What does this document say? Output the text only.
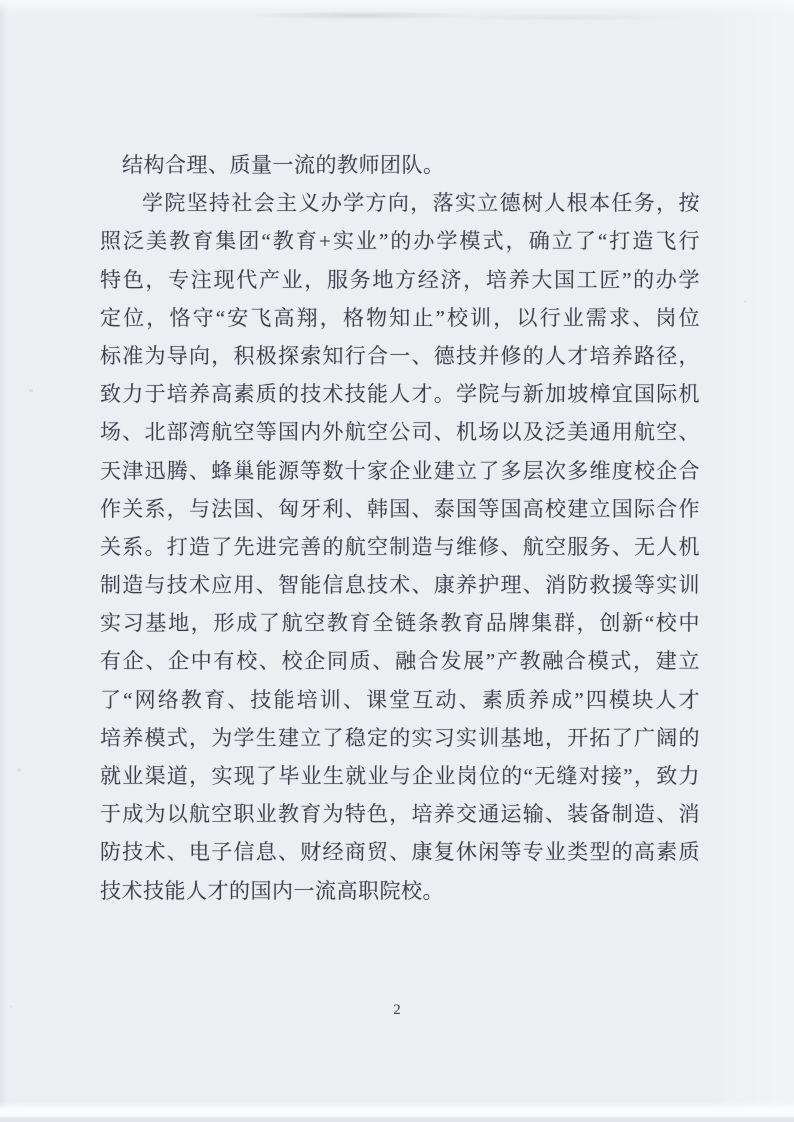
结构合理、质量一流的教师团队。
学院坚持社会主义办学方向，落实立德树人根本任务，按
照泛美教育集团“教育+实业”的办学模式，确立了“打造飞行
特色，专注现代产业，服务地方经济，培养大国工匠”的办学
定位，恪守“安飞高翔，格物知止”校训，以行业需求、岗位
标准为导向，积极探索知行合一、德技并修的人才培养路径，
致力于培养高素质的技术技能人才。学院与新加坡樟宜国际机
场、北部湾航空等国内外航空公司、机场以及泛美通用航空、
天津迅腾、蜂巢能源等数十家企业建立了多层次多维度校企合
作关系，与法国、匈牙利、韩国、泰国等国高校建立国际合作
关系。打造了先进完善的航空制造与维修、航空服务、无人机
制造与技术应用、智能信息技术、康养护理、消防救援等实训
实习基地，形成了航空教育全链条教育品牌集群，创新“校中
有企、企中有校、校企同质、融合发展”产教融合模式，建立
了“网络教育、技能培训、课堂互动、素质养成”四模块人才
培养模式，为学生建立了稳定的实习实训基地，开拓了广阔的
就业渠道，实现了毕业生就业与企业岗位的“无缝对接”，致力
于成为以航空职业教育为特色，培养交通运输、装备制造、消
防技术、电子信息、财经商贸、康复休闲等专业类型的高素质
技术技能人才的国内一流高职院校。
2
